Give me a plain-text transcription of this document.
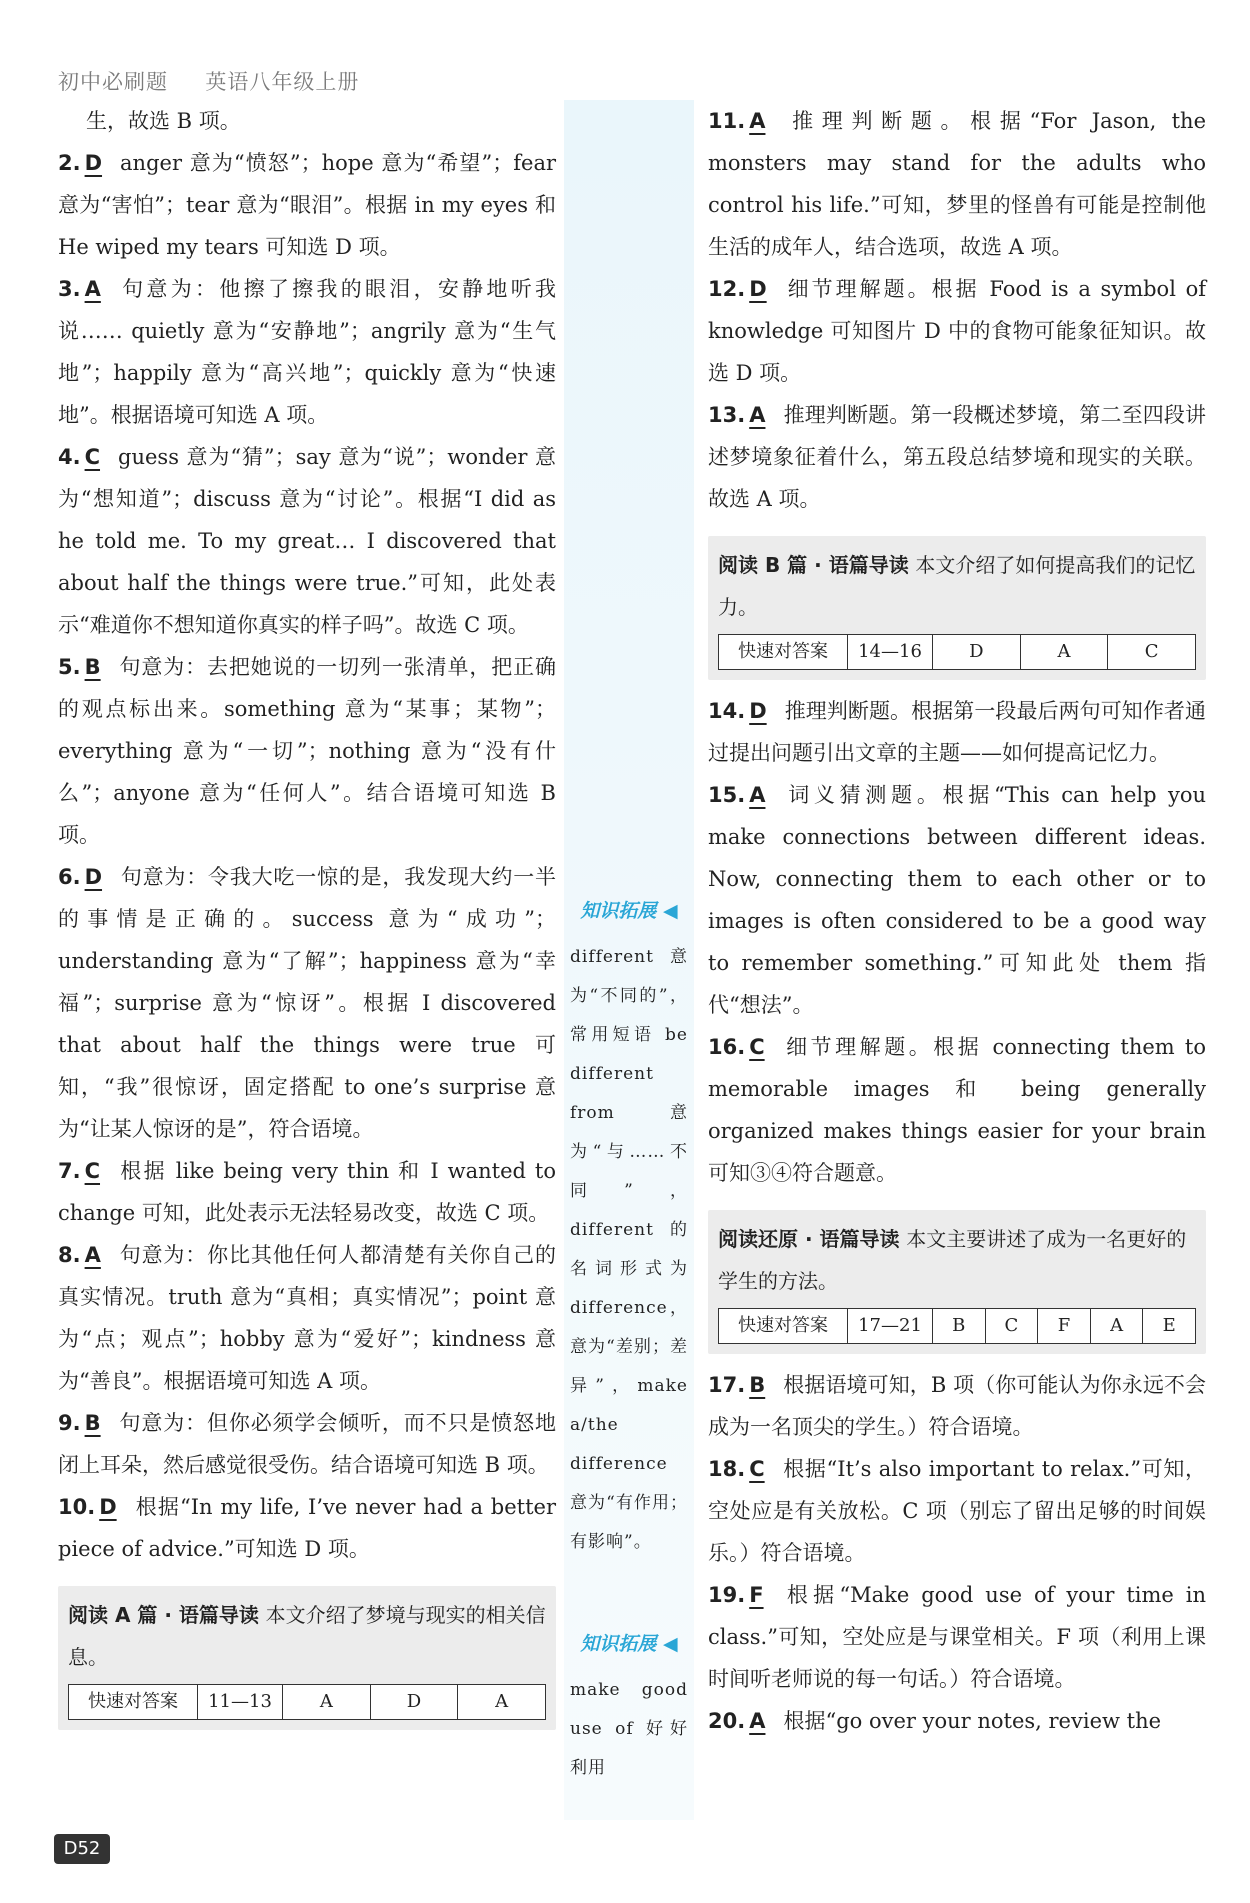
初中必刷题 英语八年级上册
生，故选 B 项。
2. D anger 意为“愤怒”；hope 意为“希望”；fear 意为“害怕”；tear 意为“眼泪”。根据 in my eyes 和 He wiped my tears 可知选 D 项。
3. A 句意为：他擦了擦我的眼泪，安静地听我说…… quietly 意为“安静地”；angrily 意为“生气地”；happily 意为“高兴地”；quickly 意为“快速地”。根据语境可知选 A 项。
4. C guess 意为“猜”；say 意为“说”；wonder 意为“想知道”；discuss 意为“讨论”。根据“I did as he told me. To my great… I discovered that about half the things were true.”可知，此处表示“难道你不想知道你真实的样子吗”。故选 C 项。
5. B 句意为：去把她说的一切列一张清单，把正确的观点标出来。something 意为“某事；某物”；everything 意为“一切”；nothing 意为“没有什么”；anyone 意为“任何人”。结合语境可知选 B 项。
6. D 句意为：令我大吃一惊的是，我发现大约一半的事情是正确的。success 意为“成功”；understanding 意为“了解”；happiness 意为“幸福”；surprise 意为“惊讶”。根据 I discovered that about half the things were true 可知，“我”很惊讶，固定搭配 to one’s surprise 意为“让某人惊讶的是”，符合语境。
7. C 根据 like being very thin 和 I wanted to change 可知，此处表示无法轻易改变，故选 C 项。
8. A 句意为：你比其他任何人都清楚有关你自己的真实情况。truth 意为“真相；真实情况”；point 意为“点；观点”；hobby 意为“爱好”；kindness 意为“善良”。根据语境可知选 A 项。
9. B 句意为：但你必须学会倾听，而不只是愤怒地闭上耳朵，然后感觉很受伤。结合语境可知选 B 项。
10. D 根据“In my life, I’ve never had a better piece of advice.”可知选 D 项。
阅读 A 篇 · 语篇导读 本文介绍了梦境与现实的相关信息。
快速对答案	11—13	A	D	A
知识拓展 ◀
different 意为“不同的”，常用短语 be different from 意为“与……不同”，different 的名词形式为 difference，意为“差别；差异”，make a/the difference 意为“有作用；有影响”。
知识拓展 ◀
make good use of 好好利用
11. A 推理判断题。根据“For Jason, the monsters may stand for the adults who control his life.”可知，梦里的怪兽有可能是控制他生活的成年人，结合选项，故选 A 项。
12. D 细节理解题。根据 Food is a symbol of knowledge 可知图片 D 中的食物可能象征知识。故选 D 项。
13. A 推理判断题。第一段概述梦境，第二至四段讲述梦境象征着什么，第五段总结梦境和现实的关联。故选 A 项。
阅读 B 篇 · 语篇导读 本文介绍了如何提高我们的记忆力。
快速对答案	14—16	D	A	C
14. D 推理判断题。根据第一段最后两句可知作者通过提出问题引出文章的主题——如何提高记忆力。
15. A 词义猜测题。根据“This can help you make connections between different ideas. Now, connecting them to each other or to images is often considered to be a good way to remember something.”可知此处 them 指代“想法”。
16. C 细节理解题。根据 connecting them to memorable images 和 being generally organized makes things easier for your brain 可知③④符合题意。
阅读还原 · 语篇导读 本文主要讲述了成为一名更好的学生的方法。
快速对答案	17—21	B	C	F	A	E
17. B 根据语境可知，B 项（你可能认为你永远不会成为一名顶尖的学生。）符合语境。
18. C 根据“It’s also important to relax.”可知，空处应是有关放松。C 项（别忘了留出足够的时间娱乐。）符合语境。
19. F 根据“Make good use of your time in class.”可知，空处应是与课堂相关。F 项（利用上课时间听老师说的每一句话。）符合语境。
20. A 根据“go over your notes, review the
D52
